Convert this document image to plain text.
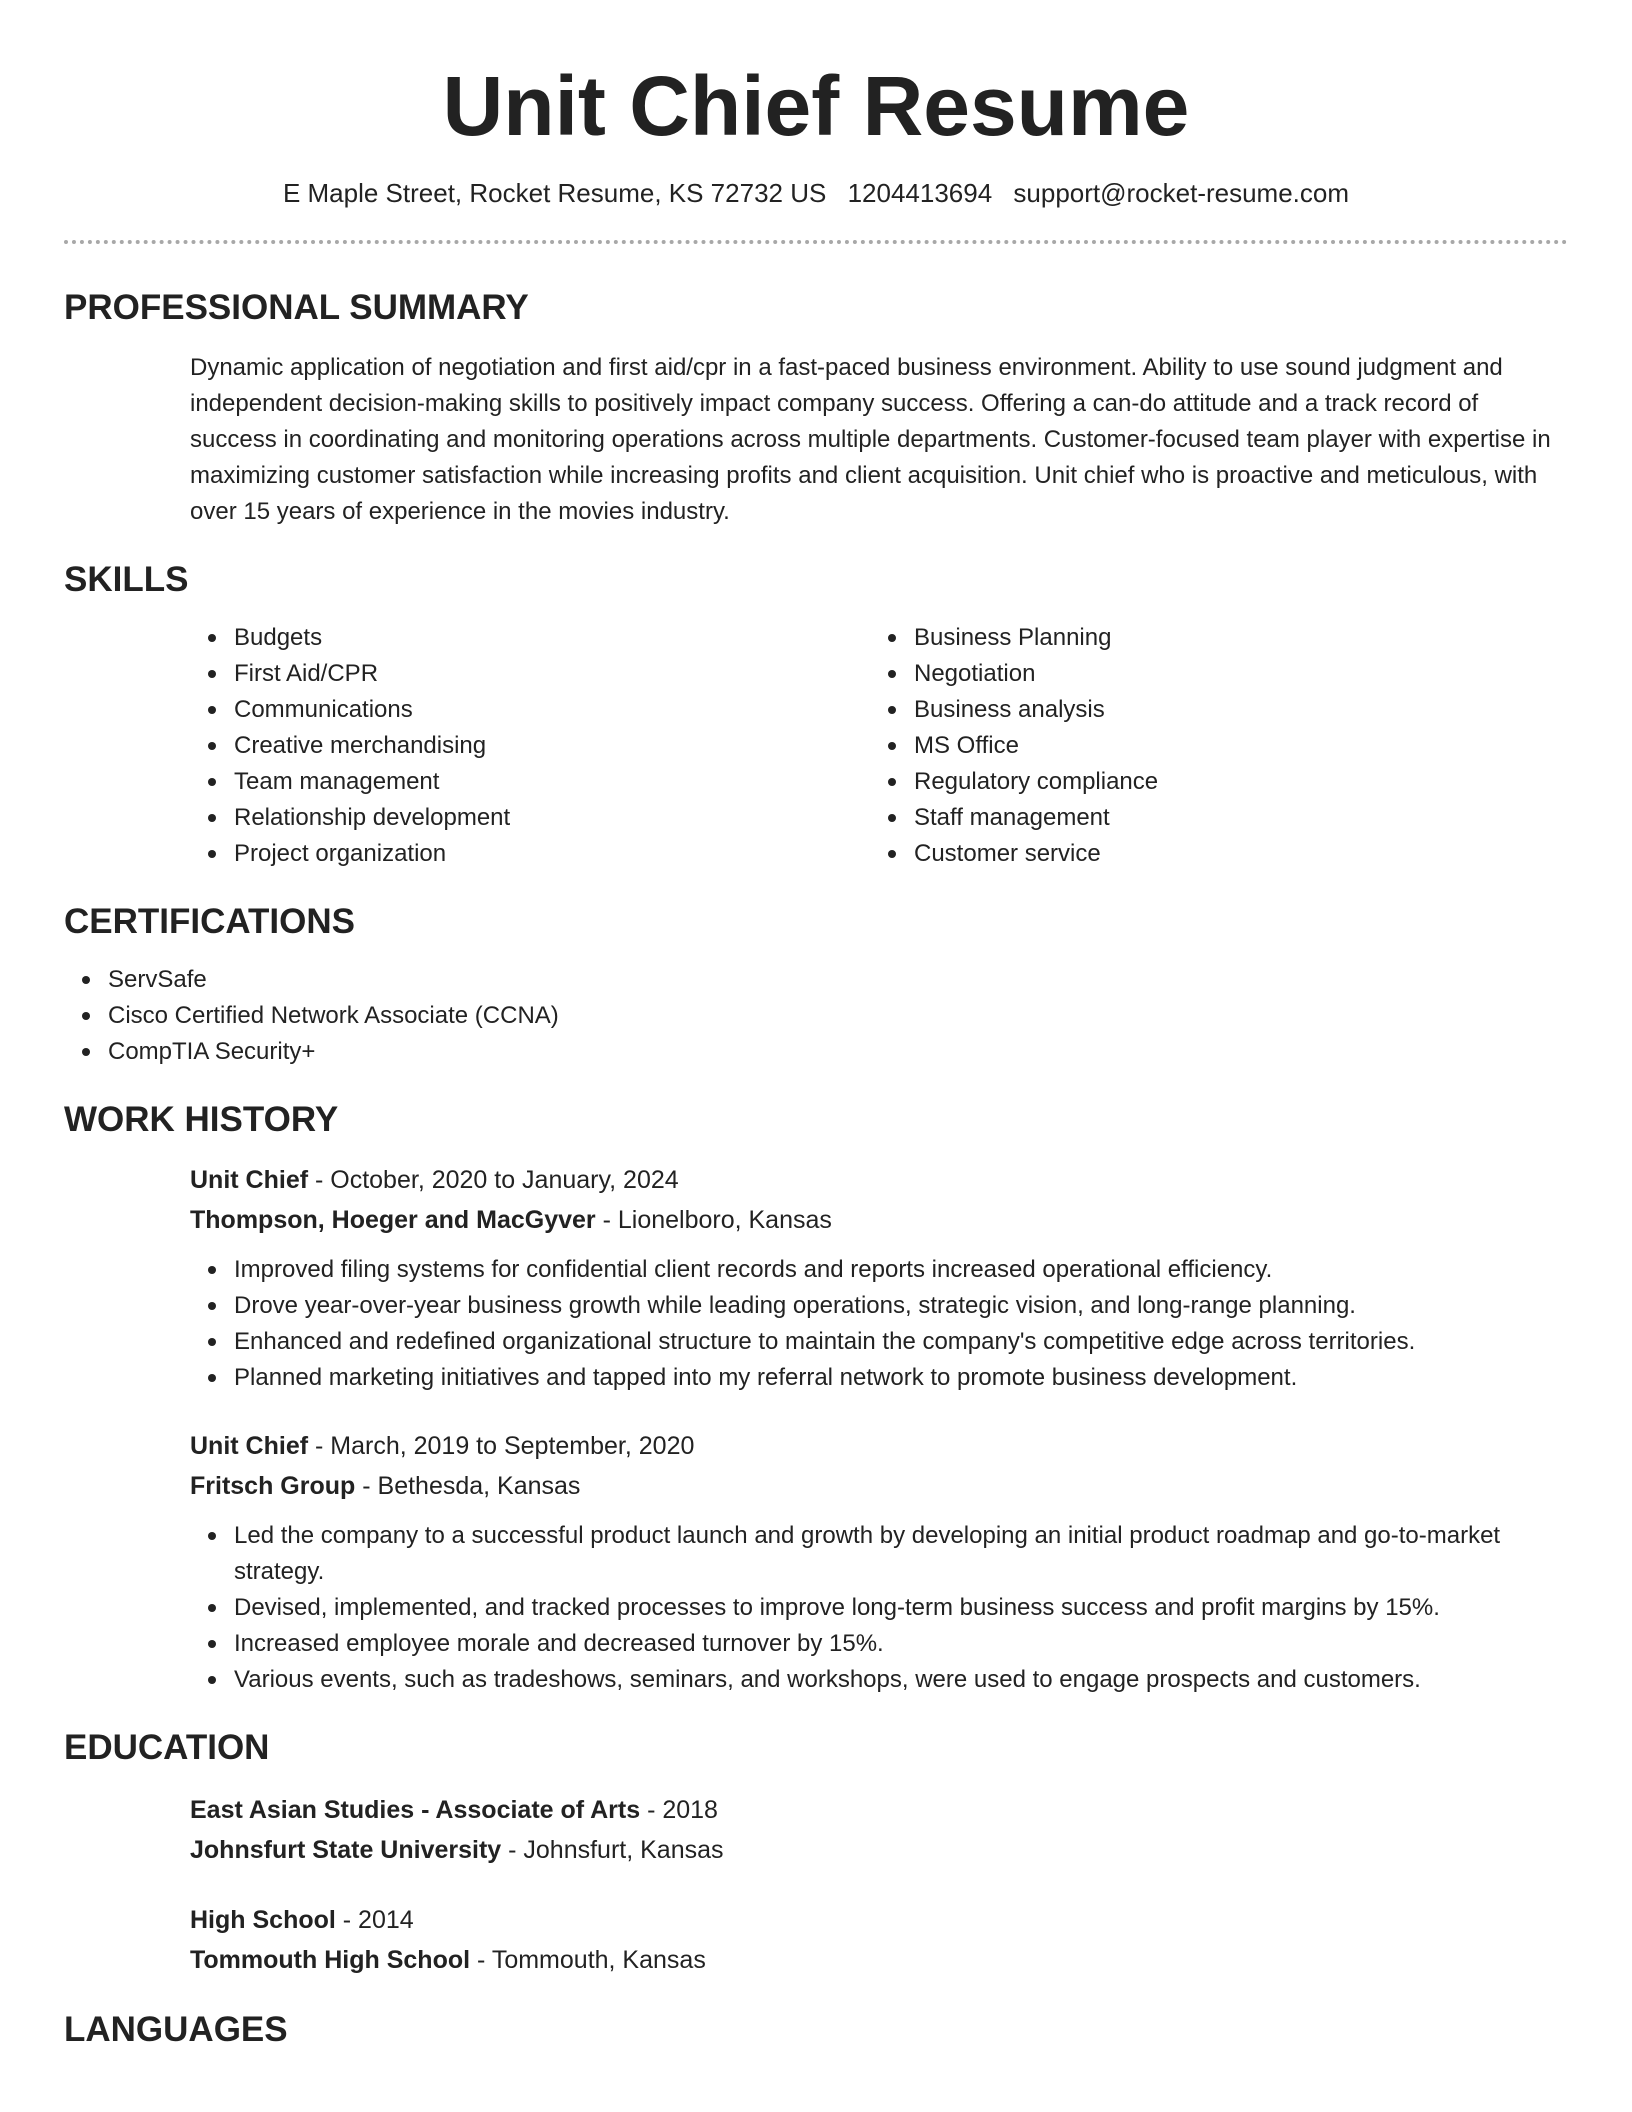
Unit Chief Resume
E Maple Street, Rocket Resume, KS 72732 US 1204413694 support@rocket-resume.com
PROFESSIONAL SUMMARY
Dynamic application of negotiation and first aid/cpr in a fast-paced business environment. Ability to use sound judgment and independent decision-making skills to positively impact company success. Offering a can-do attitude and a track record of success in coordinating and monitoring operations across multiple departments. Customer-focused team player with expertise in maximizing customer satisfaction while increasing profits and client acquisition. Unit chief who is proactive and meticulous, with over 15 years of experience in the movies industry.
SKILLS
Budgets
First Aid/CPR
Communications
Creative merchandising
Team management
Relationship development
Project organization
Business Planning
Negotiation
Business analysis
MS Office
Regulatory compliance
Staff management
Customer service
CERTIFICATIONS
ServSafe
Cisco Certified Network Associate (CCNA)
CompTIA Security+
WORK HISTORY
Unit Chief - October, 2020 to January, 2024
Thompson, Hoeger and MacGyver - Lionelboro, Kansas
Improved filing systems for confidential client records and reports increased operational efficiency.
Drove year-over-year business growth while leading operations, strategic vision, and long-range planning.
Enhanced and redefined organizational structure to maintain the company's competitive edge across territories.
Planned marketing initiatives and tapped into my referral network to promote business development.
Unit Chief - March, 2019 to September, 2020
Fritsch Group - Bethesda, Kansas
Led the company to a successful product launch and growth by developing an initial product roadmap and go-to-market strategy.
Devised, implemented, and tracked processes to improve long-term business success and profit margins by 15%.
Increased employee morale and decreased turnover by 15%.
Various events, such as tradeshows, seminars, and workshops, were used to engage prospects and customers.
EDUCATION
East Asian Studies - Associate of Arts - 2018
Johnsfurt State University - Johnsfurt, Kansas
High School - 2014
Tommouth High School - Tommouth, Kansas
LANGUAGES
